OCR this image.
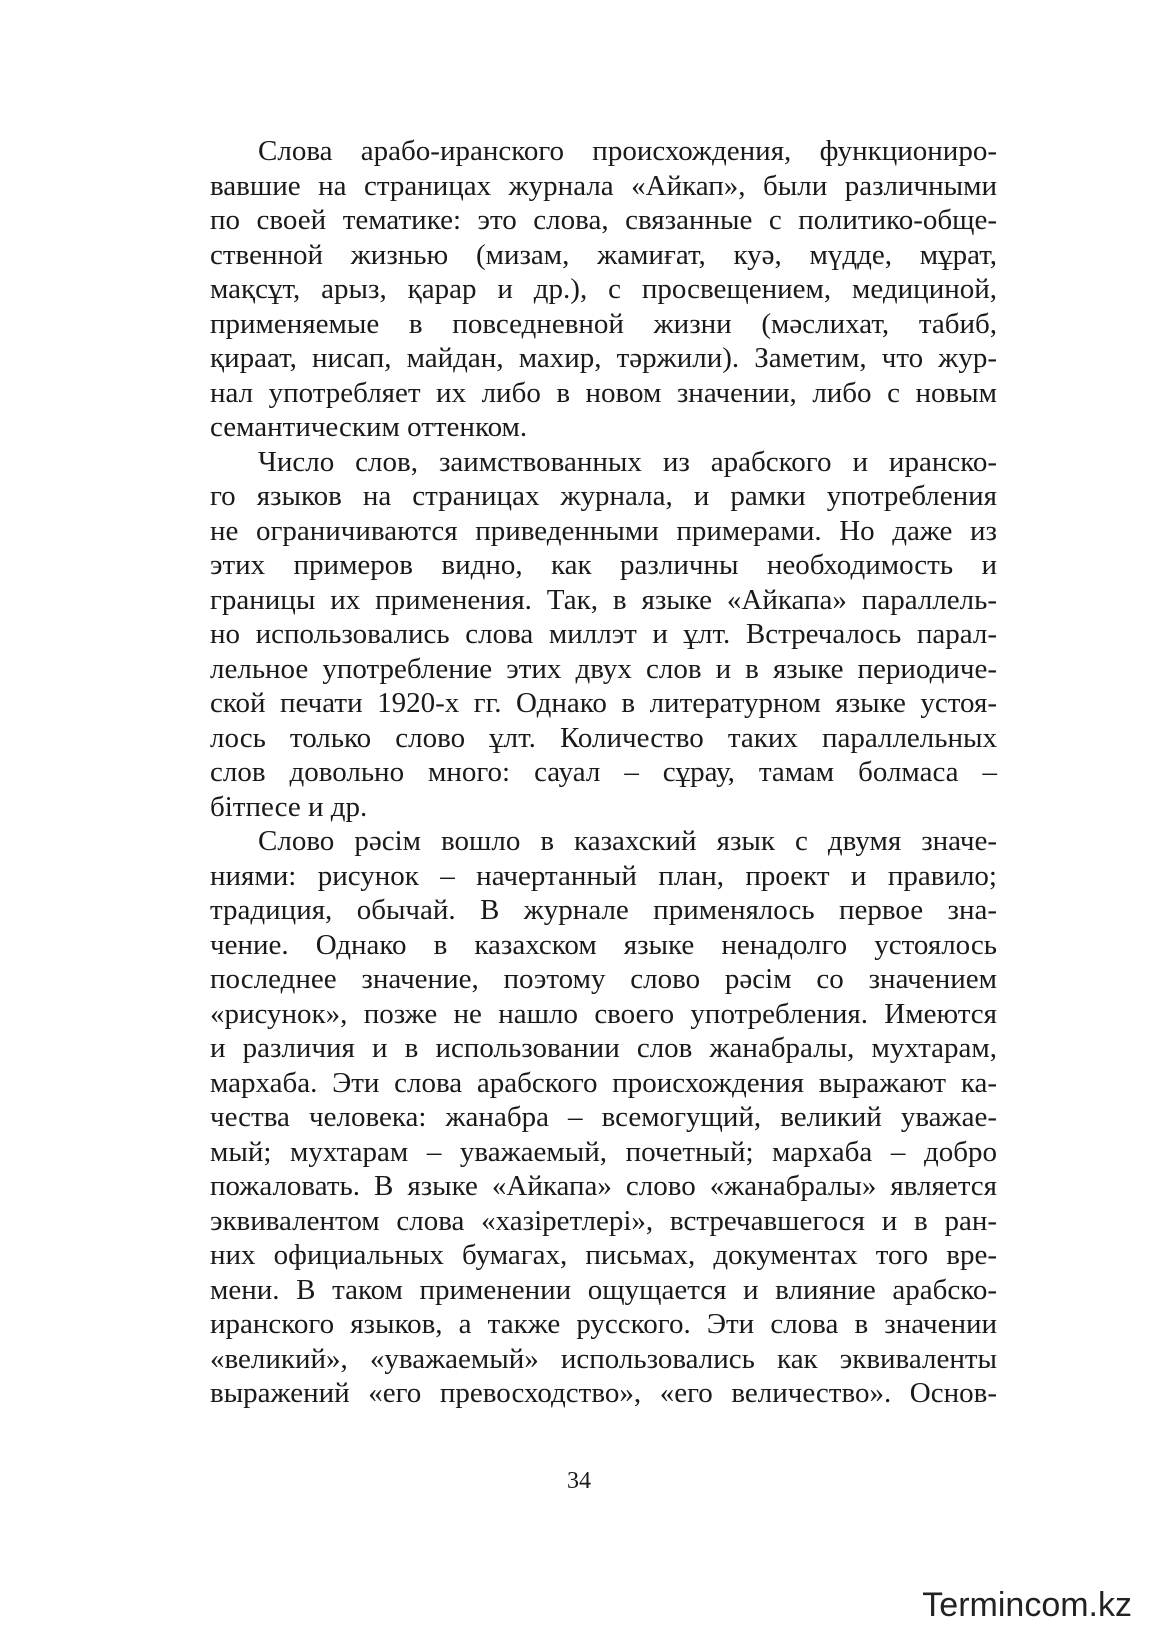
Слова арабо-иранского происхождения, функциониро-
вавшие на страницах журнала «Айкап», были различными
по своей тематике: это слова, связанные с политико-обще-
ственной жизнью (мизам, жамиғат, куә, мүдде, мұрат,
мақсұт, арыз, қарар и др.), с просвещением, медициной,
применяемые в повседневной жизни (мәслихат, табиб,
қираат, нисап, майдан, махир, тәржили). Заметим, что жур-
нал употребляет их либо в новом значении, либо с новым
семантическим оттенком.
Число слов, заимствованных из арабского и иранско-
го языков на страницах журнала, и рамки употребления
не ограничиваются приведенными примерами. Но даже из
этих примеров видно, как различны необходимость и
границы их применения. Так, в языке «Айкапа» параллель-
но использовались слова миллэт и ұлт. Встречалось парал-
лельное употребление этих двух слов и в языке периодиче-
ской печати 1920-х гг. Однако в литературном языке устоя-
лось только слово ұлт. Количество таких параллельных
слов довольно много: сауал – сұрау, тамам болмаса –
бітпесе и др.
Слово рәсім вошло в казахский язык с двумя значе-
ниями: рисунок – начертанный план, проект и правило;
традиция, обычай. В журнале применялось первое зна-
чение. Однако в казахском языке ненадолго устоялось
последнее значение, поэтому слово рәсім со значением
«рисунок», позже не нашло своего употребления. Имеются
и различия и в использовании слов жанабралы, мухтарам,
мархаба. Эти слова арабского происхождения выражают ка-
чества человека: жанабра – всемогущий, великий уважае-
мый; мухтарам – уважаемый, почетный; мархаба – добро
пожаловать. В языке «Айкапа» слово «жанабралы» является
эквивалентом слова «хазіретлері», встречавшегося и в ран-
них официальных бумагах, письмах, документах того вре-
мени. В таком применении ощущается и влияние арабско-
иранского языков, а также русского. Эти слова в значении
«великий», «уважаемый» использовались как эквиваленты
выражений «его превосходство», «его величество». Основ-
34
Termincom.kz
